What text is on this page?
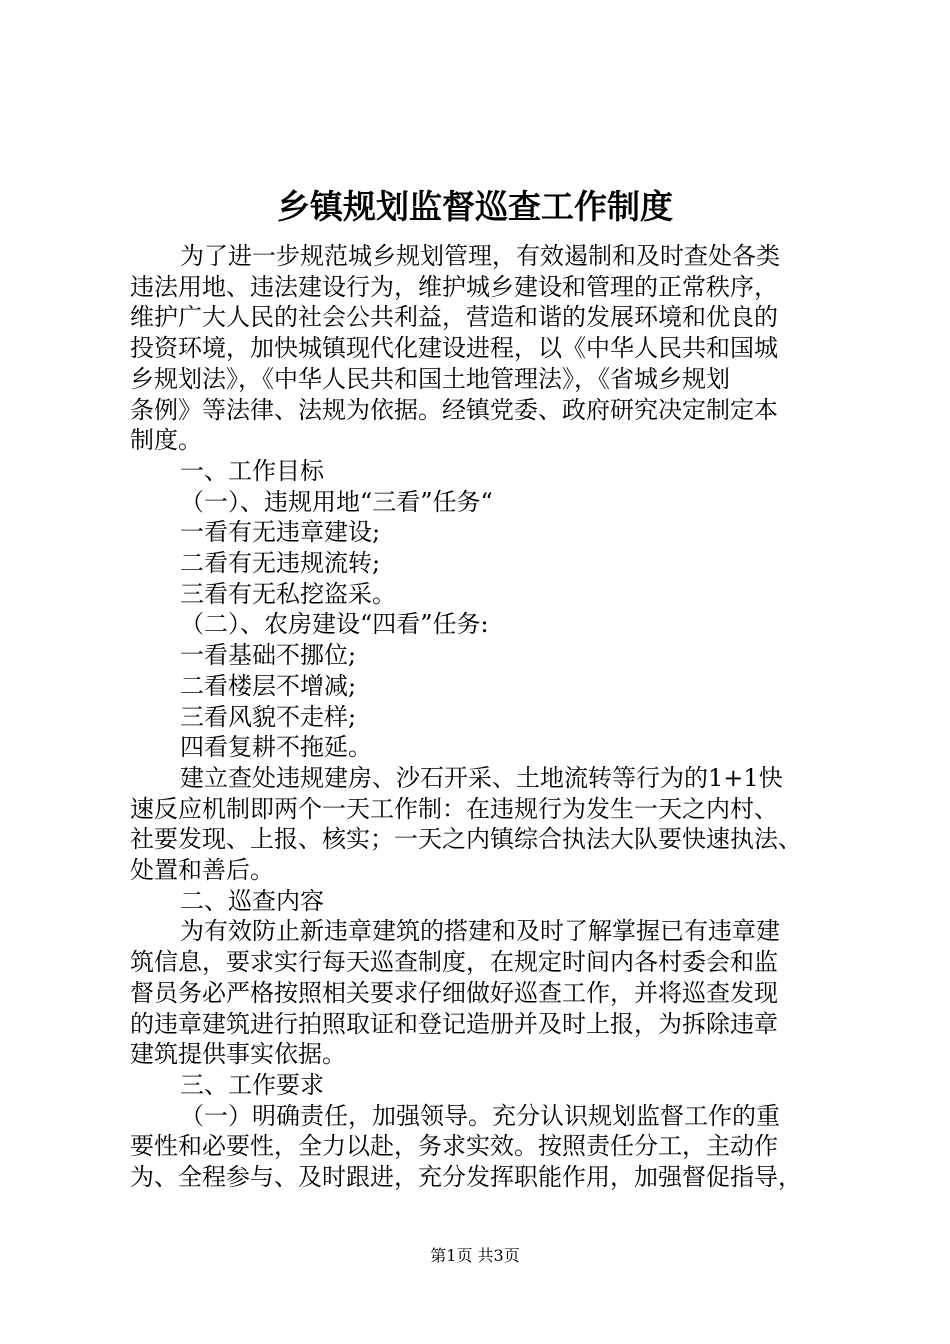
乡镇规划监督巡查工作制度
为了进一步规范城乡规划管理，有效遏制和及时查处各类
违法用地、违法建设行为，维护城乡建设和管理的正常秩序，
维护广大人民的社会公共利益，营造和谐的发展环境和优良的
投资环境，加快城镇现代化建设进程，以《中华人民共和国城
乡规划法》，《中华人民共和国土地管理法》，《省城乡规划
条例》等法律、法规为依据。经镇党委、政府研究决定制定本
制度。
一、工作目标
（一）、违规用地“三看”任务“
一看有无违章建设;
二看有无违规流转;
三看有无私挖盗采。
（二）、农房建设“四看”任务:
一看基础不挪位;
二看楼层不增减;
三看风貌不走样;
四看复耕不拖延。
建立查处违规建房、沙石开采、土地流转等行为的1+1快
速反应机制即两个一天工作制：在违规行为发生一天之内村、
社要发现、上报、核实；一天之内镇综合执法大队要快速执法、
处置和善后。
二、巡查内容
为有效防止新违章建筑的搭建和及时了解掌握已有违章建
筑信息，要求实行每天巡查制度，在规定时间内各村委会和监
督员务必严格按照相关要求仔细做好巡查工作，并将巡查发现
的违章建筑进行拍照取证和登记造册并及时上报，为拆除违章
建筑提供事实依据。
三、工作要求
（一）明确责任，加强领导。充分认识规划监督工作的重
要性和必要性，全力以赴，务求实效。按照责任分工，主动作
为、全程参与、及时跟进，充分发挥职能作用，加强督促指导，
第1页 共3页
